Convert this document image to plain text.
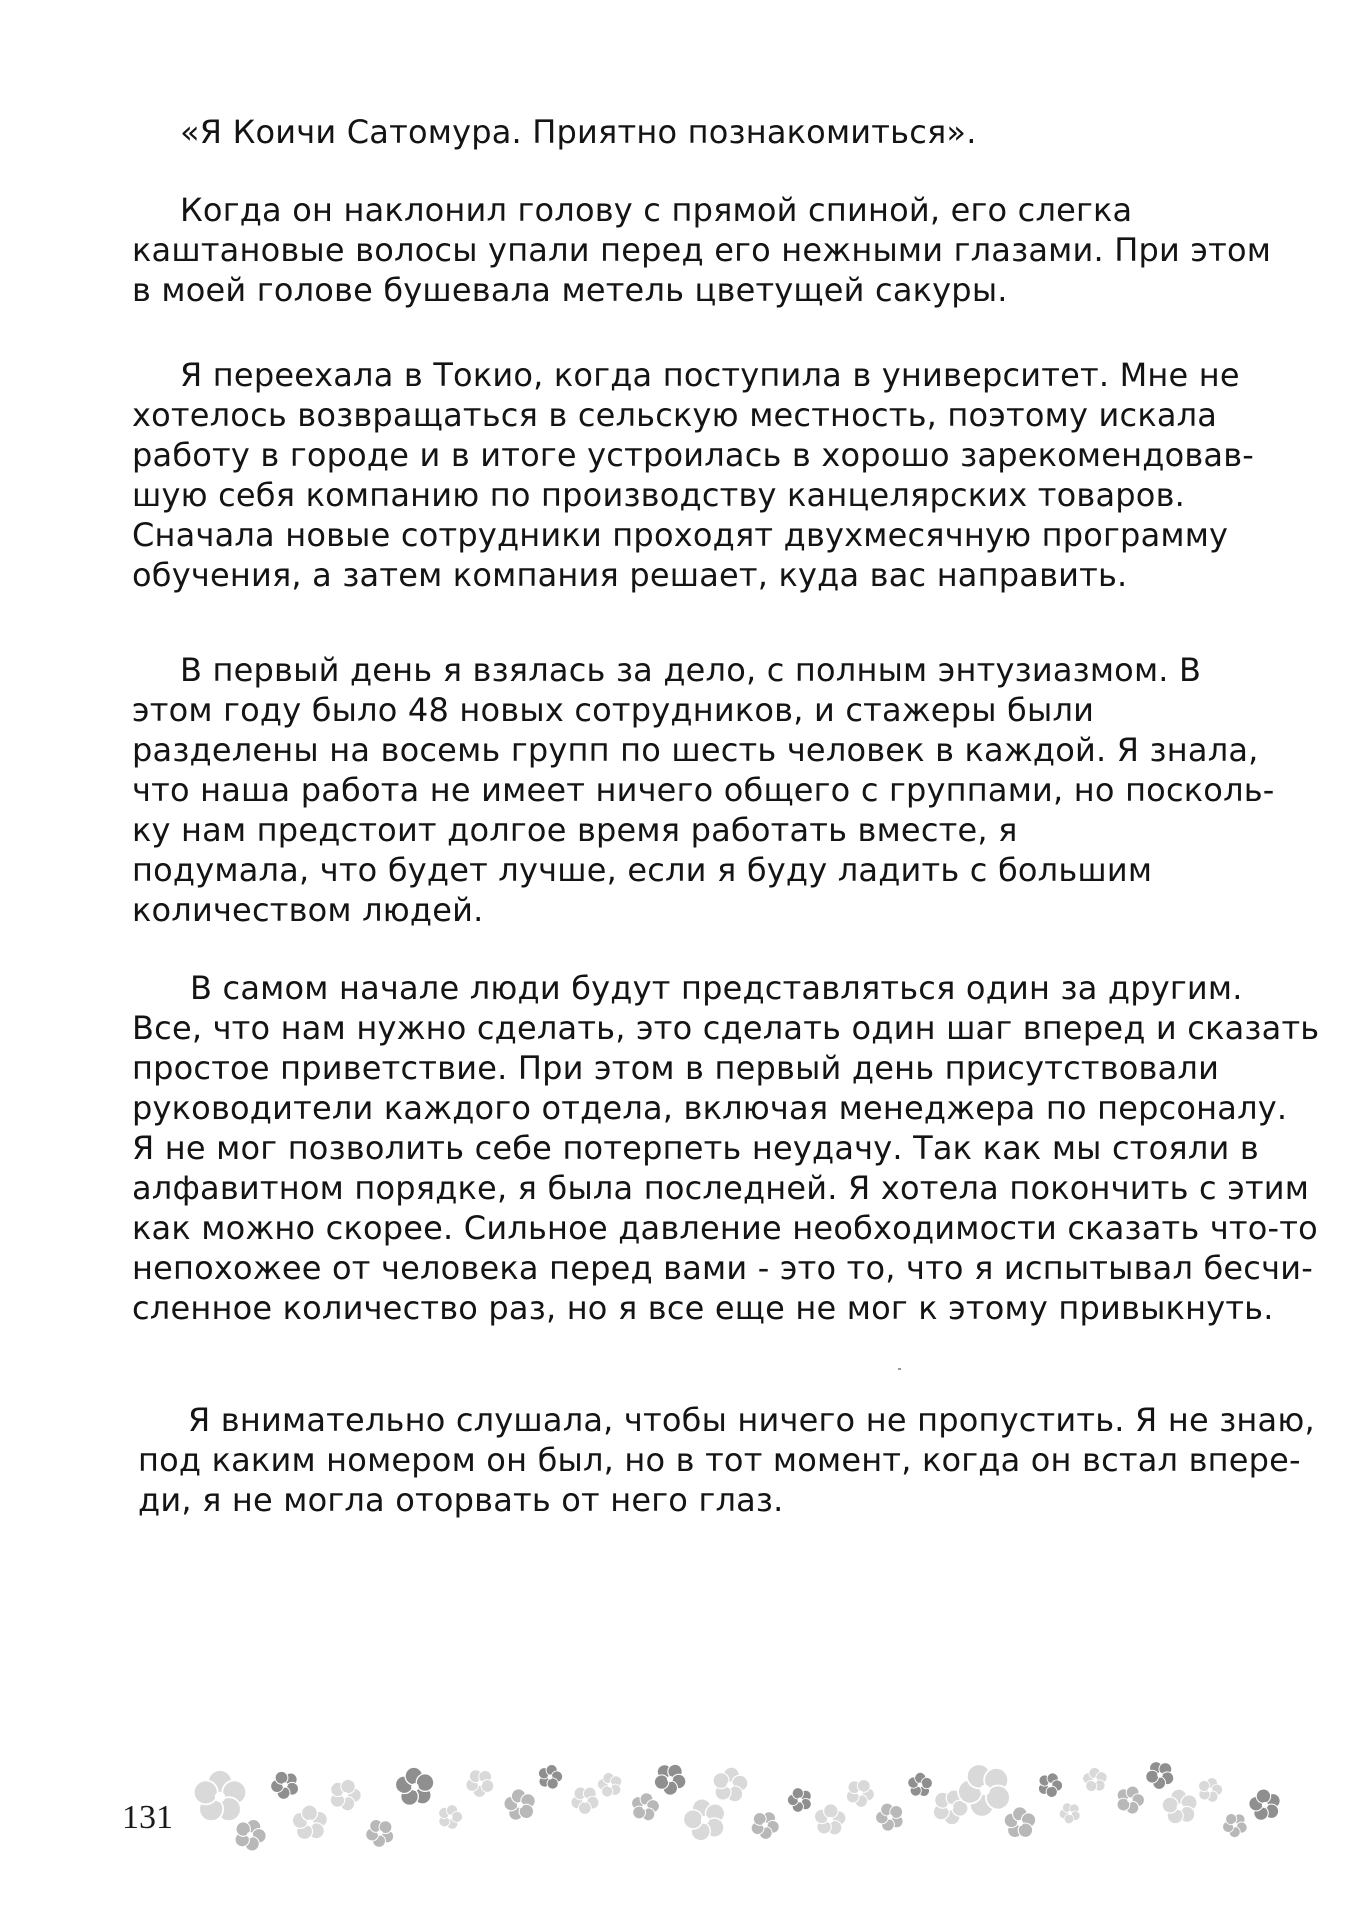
«Я Коичи Сатомура. Приятно познакомиться».
Когда он наклонил голову с прямой спиной, его слегка
каштановые волосы упали перед его нежными глазами. При этом
в моей голове бушевала метель цветущей сакуры.
Я переехала в Токио, когда поступила в университет. Мне не
хотелось возвращаться в сельскую местность, поэтому искала
работу в городе и в итоге устроилась в хорошо зарекомендовав-
шую себя компанию по производству канцелярских товаров.
Сначала новые сотрудники проходят двухмесячную программу
обучения, а затем компания решает, куда вас направить.
В первый день я взялась за дело, с полным энтузиазмом. В
этом году было 48 новых сотрудников, и стажеры были
разделены на восемь групп по шесть человек в каждой. Я знала,
что наша работа не имеет ничего общего с группами, но посколь-
ку нам предстоит долгое время работать вместе, я
подумала, что будет лучше, если я буду ладить с большим
количеством людей.
В самом начале люди будут представляться один за другим.
Все, что нам нужно сделать, это сделать один шаг вперед и сказать
простое приветствие. При этом в первый день присутствовали
руководители каждого отдела, включая менеджера по персоналу.
Я не мог позволить себе потерпеть неудачу. Так как мы стояли в
алфавитном порядке, я была последней. Я хотела покончить с этим
как можно скорее. Сильное давление необходимости сказать что-то
непохожее от человека перед вами - это то, что я испытывал бесчи-
сленное количество раз, но я все еще не мог к этому привыкнуть.
Я внимательно слушала, чтобы ничего не пропустить. Я не знаю,
под каким номером он был, но в тот момент, когда он встал впере-
ди, я не могла оторвать от него глаз.
131
